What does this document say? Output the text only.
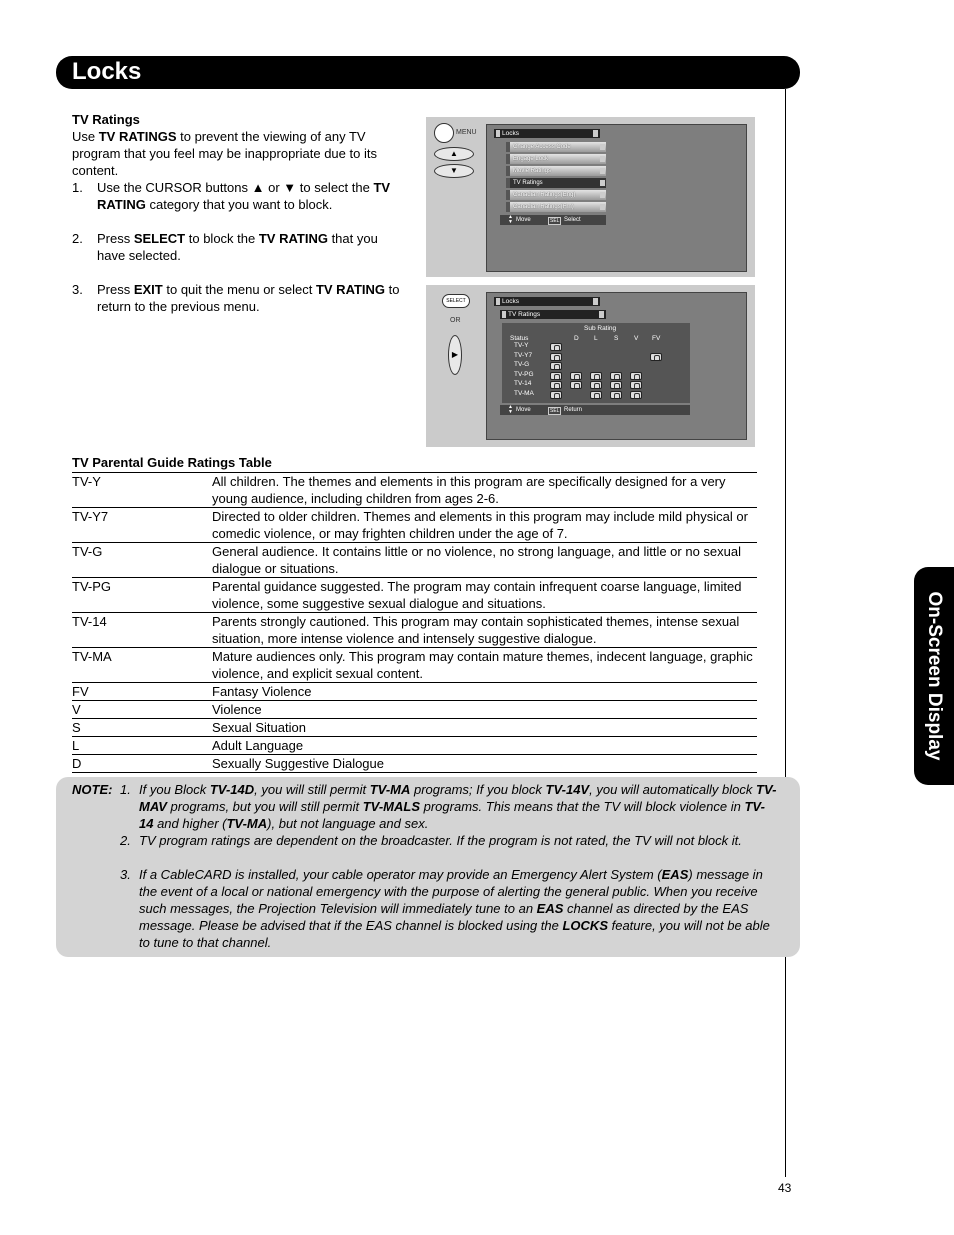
Locks
On-Screen Display
43
TV Ratings

Use TV RATINGS to prevent the viewing of any TV program that you feel may be inappropriate due to its content.

1. Use the CURSOR buttons ▲ or ▼ to select the TV RATING category that you want to block.
2. Press SELECT to block the TV RATING that you have selected.
3. Press EXIT to quit the menu or select TV RATING to return to the previous menu.
MENU
▲
▼
Locks
Change Access Code
Engage Lock
Movie Ratings
TV Ratings
Canadian Ratings(Eng)
Canadian Ratings(Frn)
▲
▼ Move	SEL Select
SELECT
OR
▶
Locks
TV Ratings
Sub Rating
Status	D L	S V FV
TV-Y
TV-Y7
TV-G
TV-PG
TV-14
TV-MA
▲
▼ Move	SEL Return
TV Parental Guide Ratings Table
TV-Y	All children. The themes and elements in this program are specifically designed for a very young audience, including children from ages 2-6.
TV-Y7	Directed to older children. Themes and elements in this program may include mild physical or comedic violence, or may frighten children under the age of 7.
TV-G	General audience. It contains little or no violence, no strong language, and little or no sexual dialogue or situations.
TV-PG	Parental guidance suggested. The program may contain infrequent coarse language, limited violence, some suggestive sexual dialogue and situations.
TV-14	Parents strongly cautioned. This program may contain sophisticated themes, intense sexual situation, more intense violence and intensely suggestive dialogue.
TV-MA	Mature audiences only. This program may contain mature themes, indecent language, graphic violence, and explicit sexual content.
FV	Fantasy Violence
V	Violence
S	Sexual Situation
L	Adult Language
D	Sexually Suggestive Dialogue
NOTE: 1. If you Block TV-14D, you will still permit TV-MA programs; If you block TV-14V, you will automatically block TV-MAV programs, but you will still permit TV-MALS programs. This means that the TV will block violence in TV-14 and higher (TV-MA), but not language and sex.
2. TV program ratings are dependent on the broadcaster. If the program is not rated, the TV will not block it.
3. If a CableCARD is installed, your cable operator may provide an Emergency Alert System (EAS) message in the event of a local or national emergency with the purpose of alerting the general public. When you receive such messages, the Projection Television will immediately tune to an EAS channel as directed by the EAS message. Please be advised that if the EAS channel is blocked using the LOCKS feature, you will not be able to tune to that channel.
